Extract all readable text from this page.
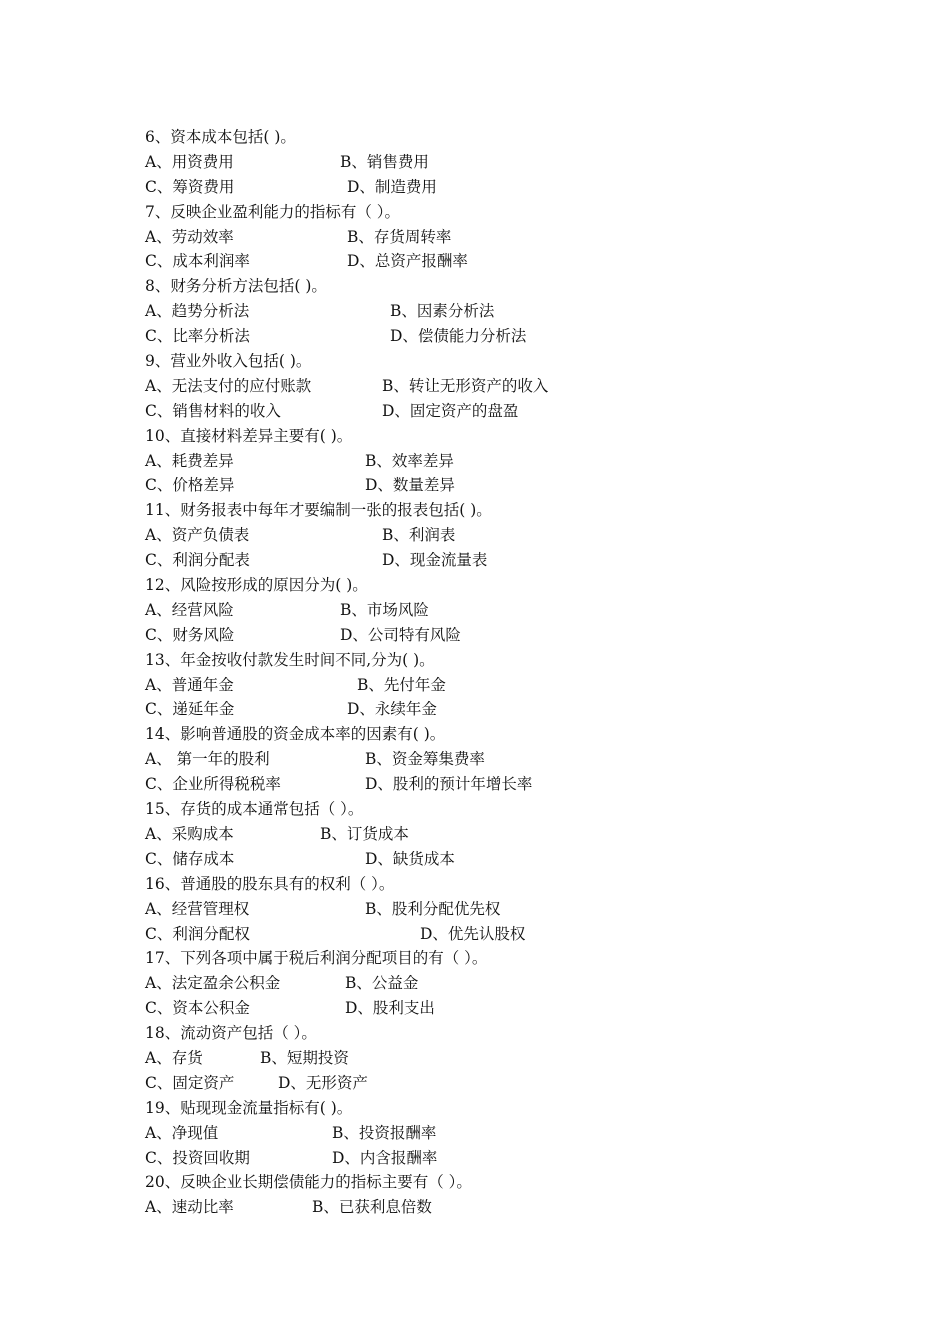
6、资本成本包括( )。
A、用资费用	B、销售费用
C、筹资费用	D、制造费用
7、反映企业盈利能力的指标有（ ）。
A、劳动效率	B、存货周转率
C、成本利润率	D、总资产报酬率
8、财务分析方法包括( )。
A、趋势分析法	B、因素分析法
C、比率分析法	D、偿债能力分析法
9、营业外收入包括( )。
A、无法支付的应付账款	B、转让无形资产的收入
C、销售材料的收入	D、固定资产的盘盈
10、直接材料差异主要有( )。
A、耗费差异	B、效率差异
C、价格差异	D、数量差异
11、财务报表中每年才要编制一张的报表包括( )。
A、资产负债表	B、利润表
C、利润分配表	D、现金流量表
12、风险按形成的原因分为( )。
A、经营风险	B、市场风险
C、财务风险	D、公司特有风险
13、年金按收付款发生时间不同,分为( )。
A、普通年金	B、先付年金
C、递延年金	D、永续年金
14、影响普通股的资金成本率的因素有( )。
A、 第一年的股利	B、资金筹集费率
C、企业所得税税率	D、股利的预计年增长率
15、存货的成本通常包括（ ）。
A、采购成本	B、订货成本
C、储存成本	D、缺货成本
16、普通股的股东具有的权利（ ）。
A、经营管理权	B、股利分配优先权
C、利润分配权	D、优先认股权
17、下列各项中属于税后利润分配项目的有（ ）。
A、法定盈余公积金	B、公益金
C、资本公积金	D、股利支出
18、流动资产包括（ ）。
A、存货	B、短期投资
C、固定资产	D、无形资产
19、贴现现金流量指标有( )。
A、净现值	B、投资报酬率
C、投资回收期	D、内含报酬率
20、反映企业长期偿债能力的指标主要有（ ）。
A、速动比率	B、已获利息倍数
